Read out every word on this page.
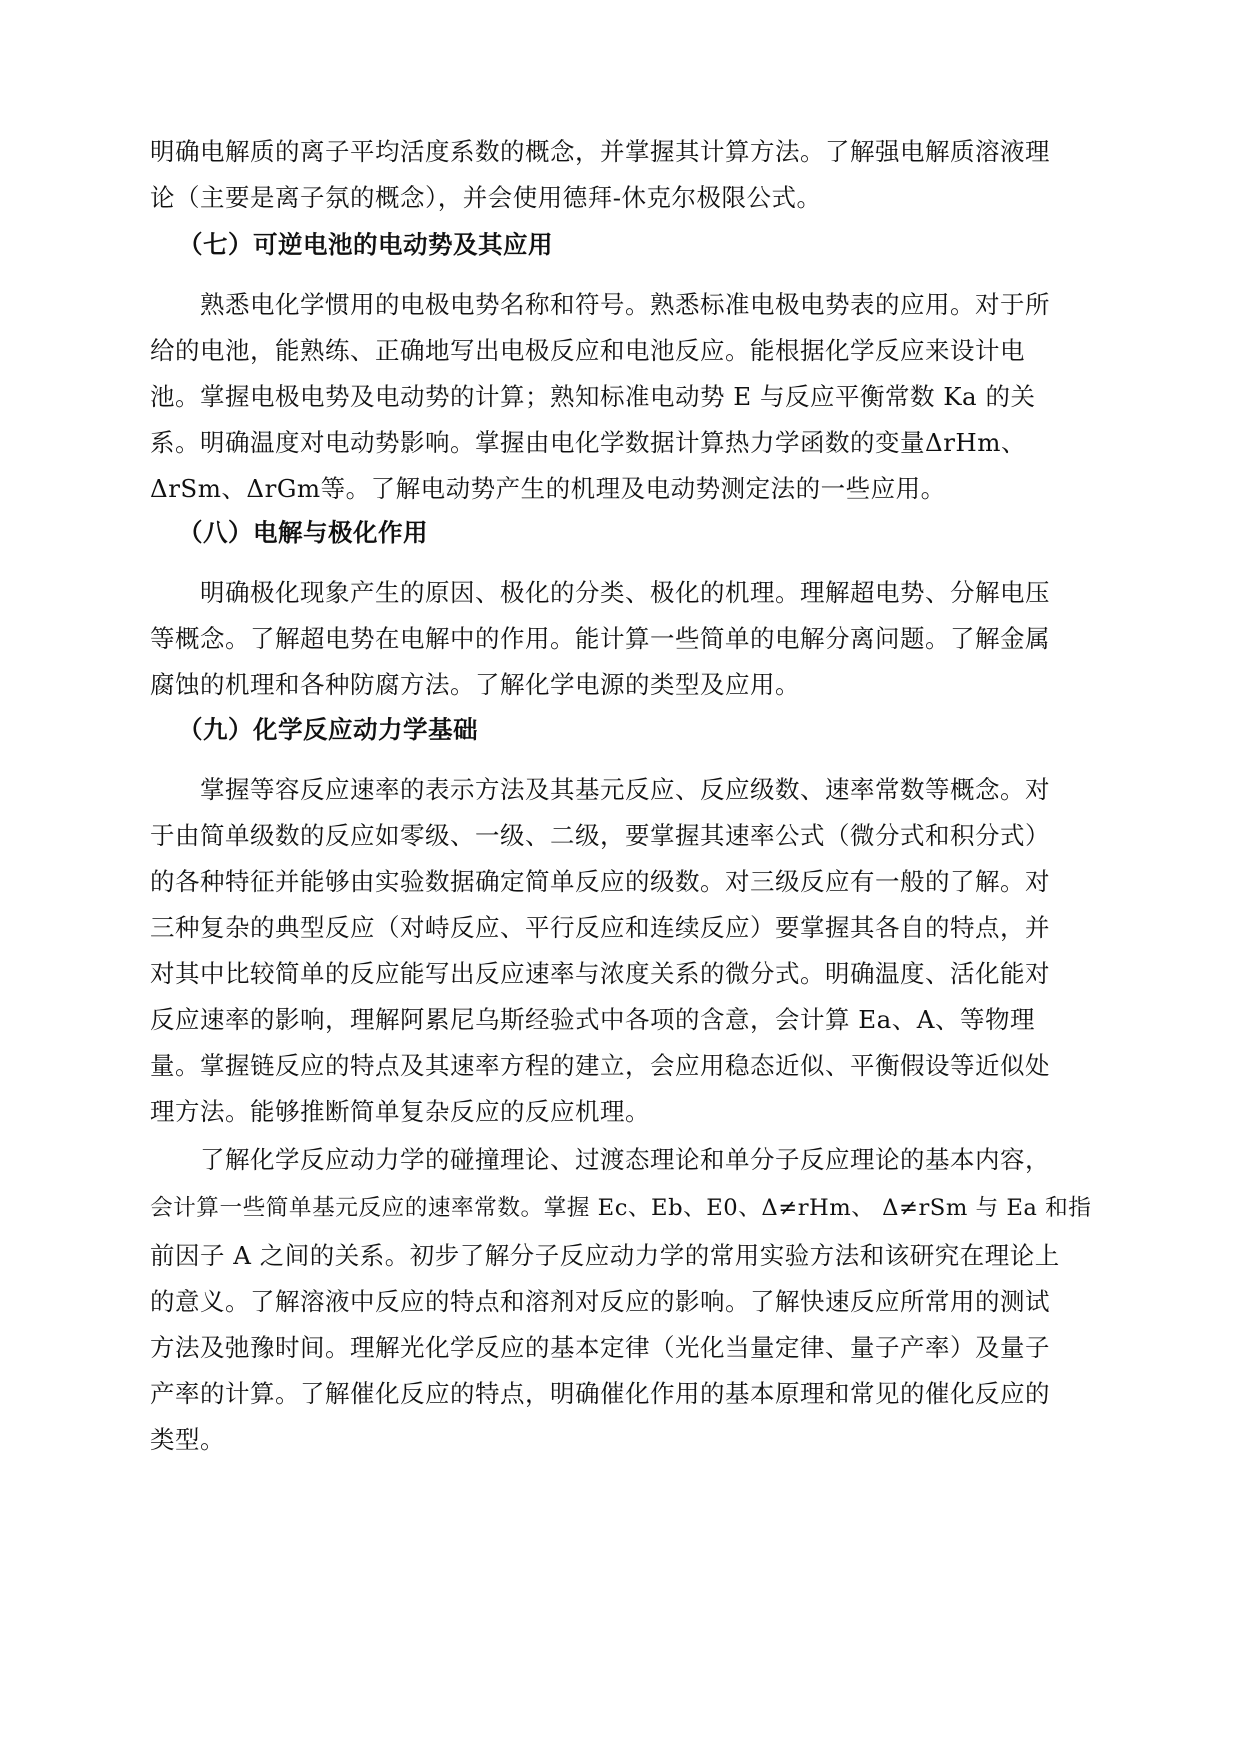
明确电解质的离子平均活度系数的概念，并掌握其计算方法。了解强电解质溶液理
论（主要是离子氛的概念），并会使用德拜-休克尔极限公式。
（七）可逆电池的电动势及其应用
熟悉电化学惯用的电极电势名称和符号。熟悉标准电极电势表的应用。对于所
给的电池，能熟练、正确地写出电极反应和电池反应。能根据化学反应来设计电
池。掌握电极电势及电动势的计算；熟知标准电动势 E 与反应平衡常数 Ka 的关
系。明确温度对电动势影响。掌握由电化学数据计算热力学函数的变量ΔrHm、
ΔrSm、ΔrGm等。了解电动势产生的机理及电动势测定法的一些应用。
（八）电解与极化作用
明确极化现象产生的原因、极化的分类、极化的机理。理解超电势、分解电压
等概念。了解超电势在电解中的作用。能计算一些简单的电解分离问题。了解金属
腐蚀的机理和各种防腐方法。了解化学电源的类型及应用。
（九）化学反应动力学基础
掌握等容反应速率的表示方法及其基元反应、反应级数、速率常数等概念。对
于由简单级数的反应如零级、一级、二级，要掌握其速率公式（微分式和积分式）
的各种特征并能够由实验数据确定简单反应的级数。对三级反应有一般的了解。对
三种复杂的典型反应（对峙反应、平行反应和连续反应）要掌握其各自的特点，并
对其中比较简单的反应能写出反应速率与浓度关系的微分式。明确温度、活化能对
反应速率的影响，理解阿累尼乌斯经验式中各项的含意，会计算 Ea、A、等物理
量。掌握链反应的特点及其速率方程的建立，会应用稳态近似、平衡假设等近似处
理方法。能够推断简单复杂反应的反应机理。
了解化学反应动力学的碰撞理论、过渡态理论和单分子反应理论的基本内容，
会计算一些简单基元反应的速率常数。掌握 Ec、Eb、E0、Δ≠rHm、 Δ≠rSm 与 Ea 和指
前因子 A 之间的关系。初步了解分子反应动力学的常用实验方法和该研究在理论上
的意义。了解溶液中反应的特点和溶剂对反应的影响。了解快速反应所常用的测试
方法及弛豫时间。理解光化学反应的基本定律（光化当量定律、量子产率）及量子
产率的计算。了解催化反应的特点，明确催化作用的基本原理和常见的催化反应的
类型。
